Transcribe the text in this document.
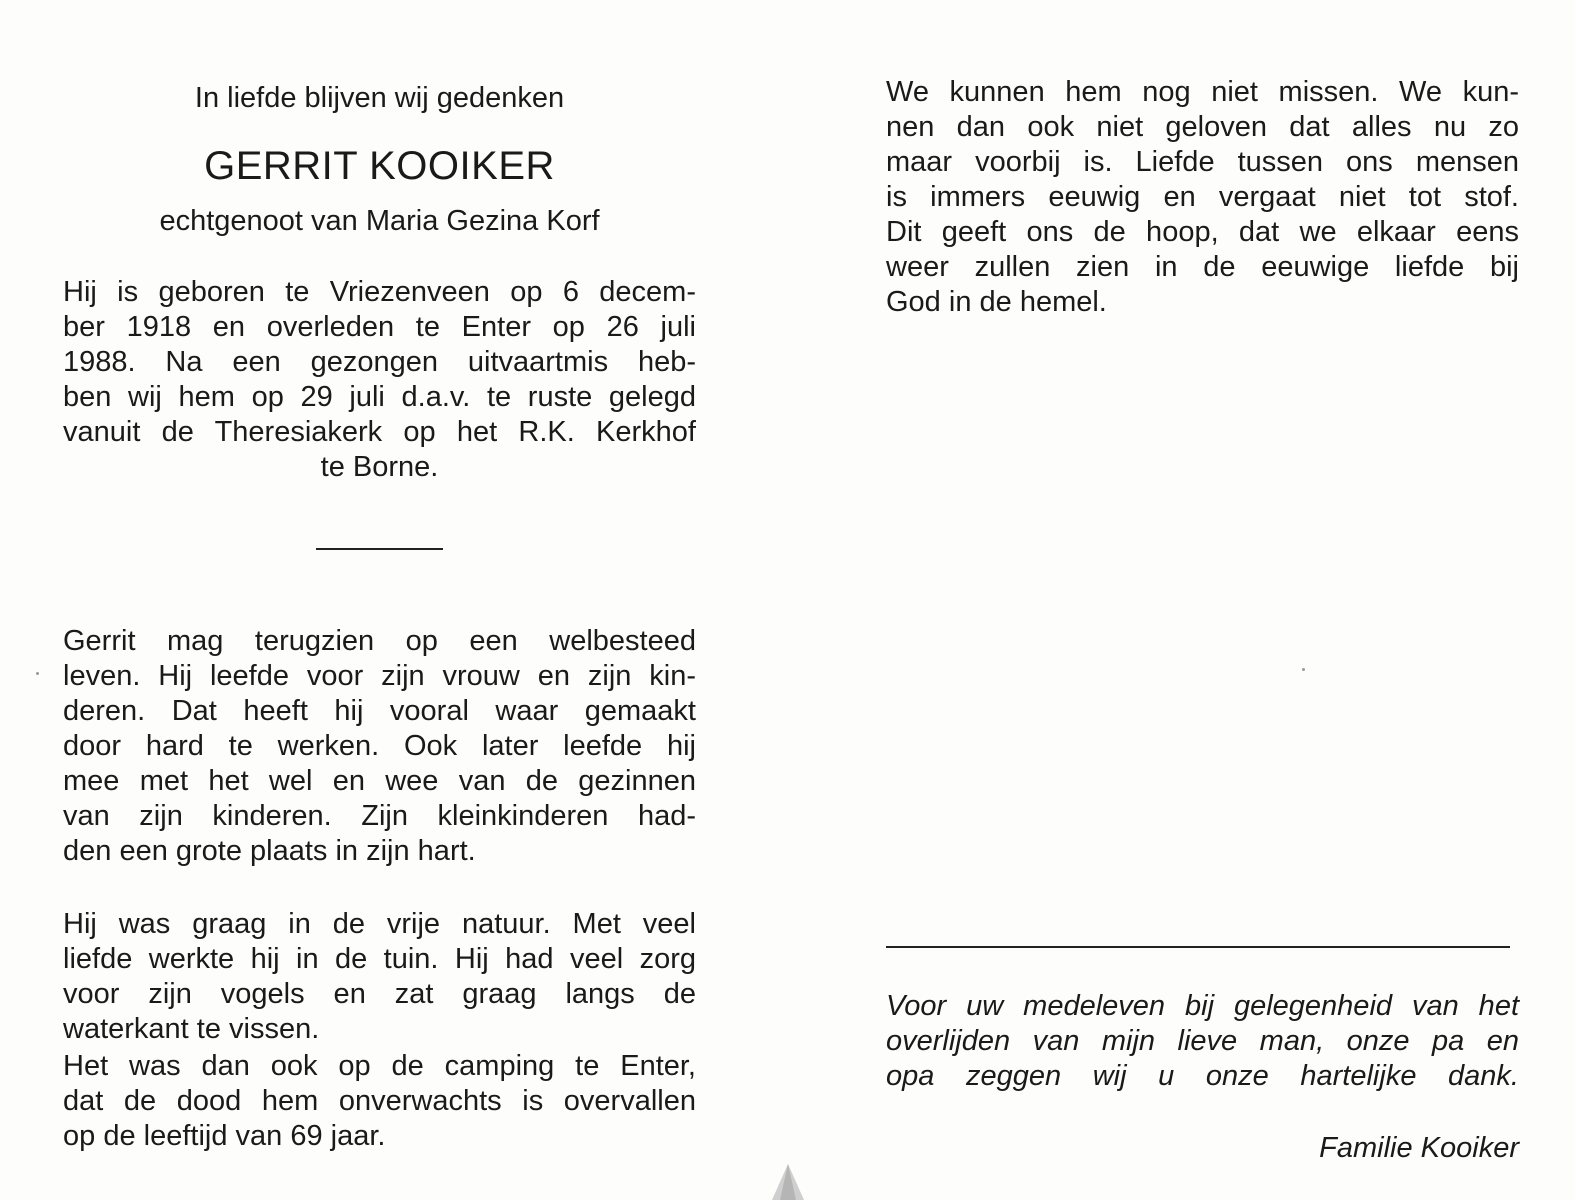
In liefde blijven wij gedenken

GERRIT KOOIKER

echtgenoot van Maria Gezina Korf

Hij is geboren te Vriezenveen op 6 decem-
ber 1918 en overleden te Enter op 26 juli
1988. Na een gezongen uitvaartmis heb-
ben wij hem op 29 juli d.a.v. te ruste gelegd
vanuit de Theresiakerk op het R.K. Kerkhof
te Borne.
Gerrit mag terugzien op een welbesteed
leven. Hij leefde voor zijn vrouw en zijn kin-
deren. Dat heeft hij vooral waar gemaakt
door hard te werken. Ook later leefde hij
mee met het wel en wee van de gezinnen
van zijn kinderen. Zijn kleinkinderen had-
den een grote plaats in zijn hart.
Hij was graag in de vrije natuur. Met veel
liefde werkte hij in de tuin. Hij had veel zorg
voor zijn vogels en zat graag langs de
waterkant te vissen.
Het was dan ook op de camping te Enter,
dat de dood hem onverwachts is overvallen
op de leeftijd van 69 jaar.
We kunnen hem nog niet missen. We kun-
nen dan ook niet geloven dat alles nu zo
maar voorbij is. Liefde tussen ons mensen
is immers eeuwig en vergaat niet tot stof.
Dit geeft ons de hoop, dat we elkaar eens
weer zullen zien in de eeuwige liefde bij
God in de hemel.
Voor uw medeleven bij gelegenheid van het
overlijden van mijn lieve man, onze pa en
opa zeggen wij u onze hartelijke dank.

Familie Kooiker
